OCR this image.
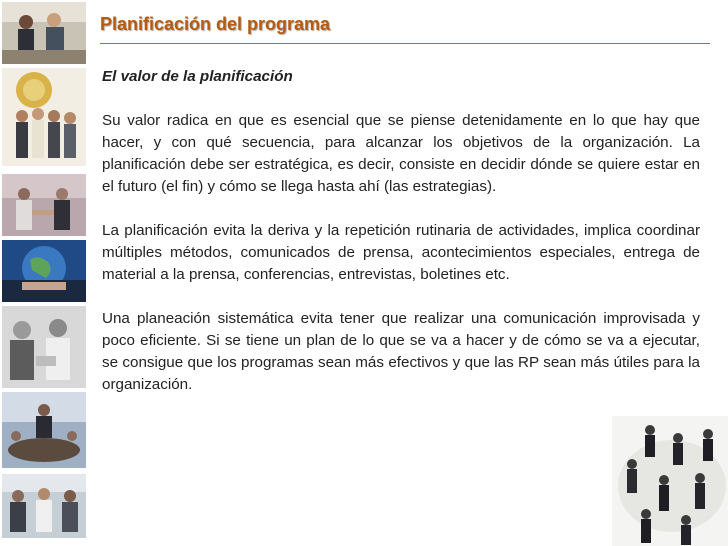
Planificación del programa

El valor de la planificación

Su valor radica en que es esencial que se piense detenidamente en lo que hay que hacer, y con qué secuencia, para alcanzar los objetivos de la organización. La planificación debe ser estratégica, es decir, consiste en decidir dónde se quiere estar en el futuro (el fin) y cómo se llega hasta ahí (las estrategias).

La planificación evita la deriva y la repetición rutinaria de actividades, implica coordinar múltiples métodos, comunicados de prensa, acontecimientos especiales, entrega de material a la prensa, conferencias, entrevistas, boletines etc.

Una planeación sistemática evita tener que realizar una comunicación improvisada y poco eficiente. Si se tiene un plan de lo que se va a hacer y de cómo se va a ejecutar, se consigue que los programas sean más efectivos y que las RP sean más útiles para la organización.
